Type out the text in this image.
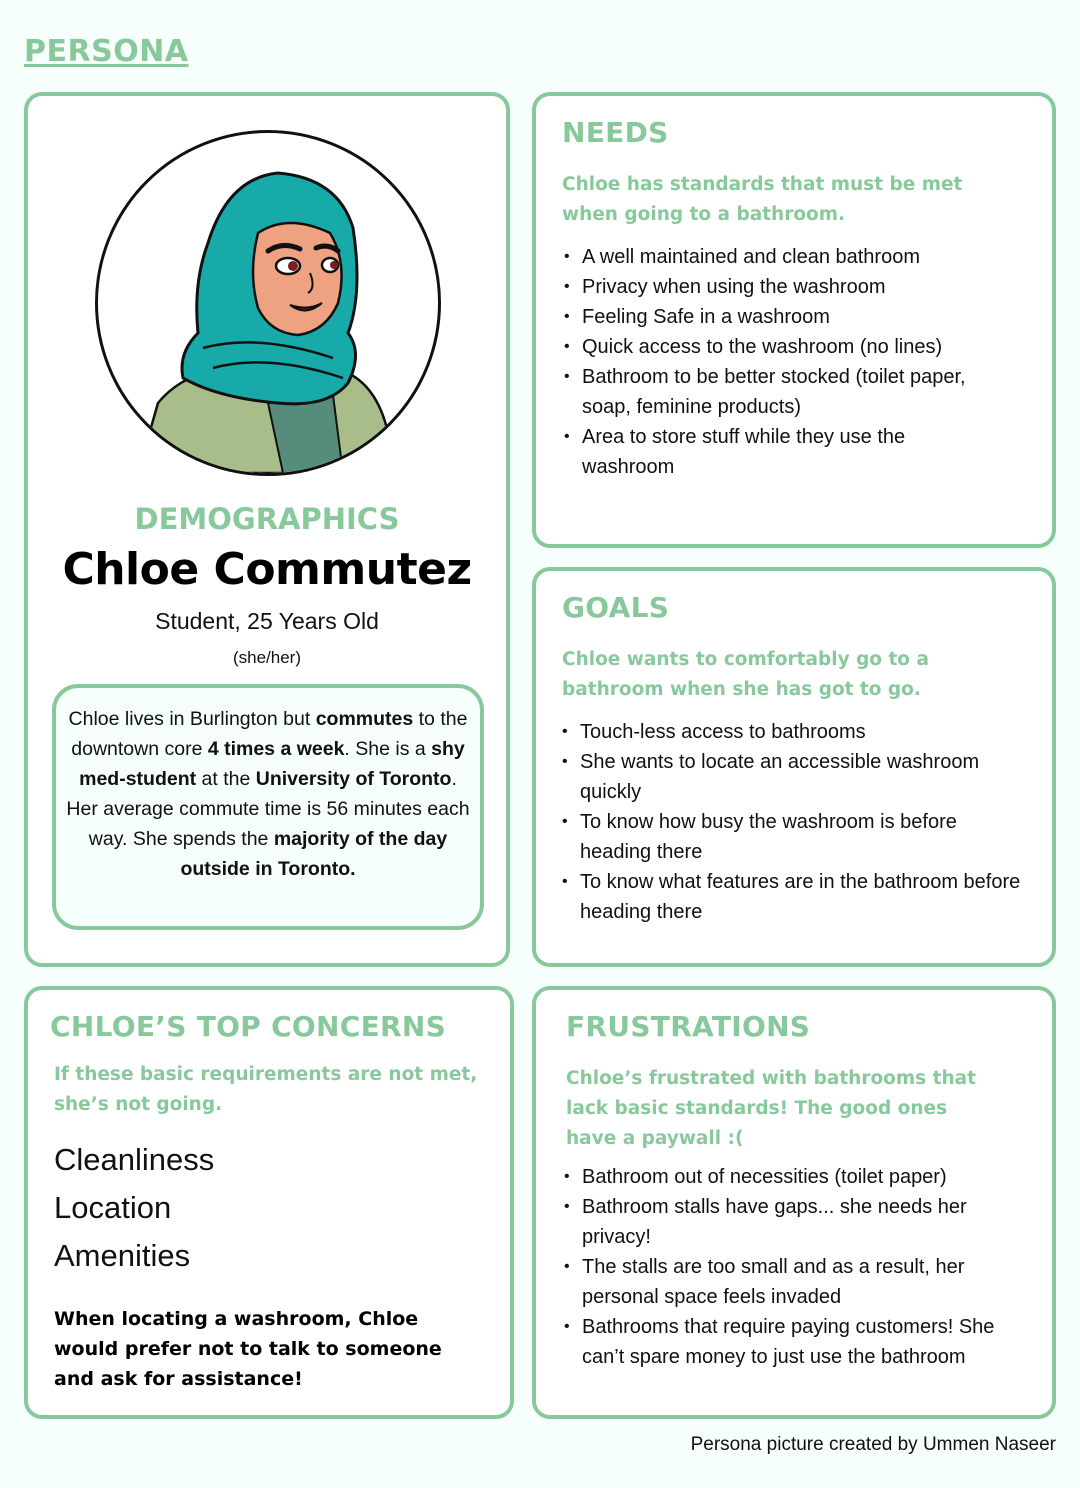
PERSONA
DEMOGRAPHICS
Chloe Commutez
Student, 25 Years Old
(she/her)
Chloe lives in Burlington but commutes to the downtown core 4 times a week. She is a shy med-student at the University of Toronto. Her average commute time is 56 minutes each way. She spends the majority of the day outside in Toronto.
NEEDS
Chloe has standards that must be met when going to a bathroom.
• A well maintained and clean bathroom
• Privacy when using the washroom
• Feeling Safe in a washroom
• Quick access to the washroom (no lines)
• Bathroom to be better stocked (toilet paper, soap, feminine products)
• Area to store stuff while they use the washroom
GOALS
Chloe wants to comfortably go to a bathroom when she has got to go.
• Touch-less access to bathrooms
• She wants to locate an accessible washroom quickly
• To know how busy the washroom is before heading there
• To know what features are in the bathroom before heading there
CHLOE’S TOP CONCERNS
If these basic requirements are not met, she’s not going.
Cleanliness
Location
Amenities
When locating a washroom, Chloe would prefer not to talk to someone and ask for assistance!
FRUSTRATIONS
Chloe’s frustrated with bathrooms that lack basic standards! The good ones have a paywall :(
• Bathroom out of necessities (toilet paper)
• Bathroom stalls have gaps... she needs her privacy!
• The stalls are too small and as a result, her personal space feels invaded
• Bathrooms that require paying customers! She can’t spare money to just use the bathroom
Persona picture created by Ummen Naseer
